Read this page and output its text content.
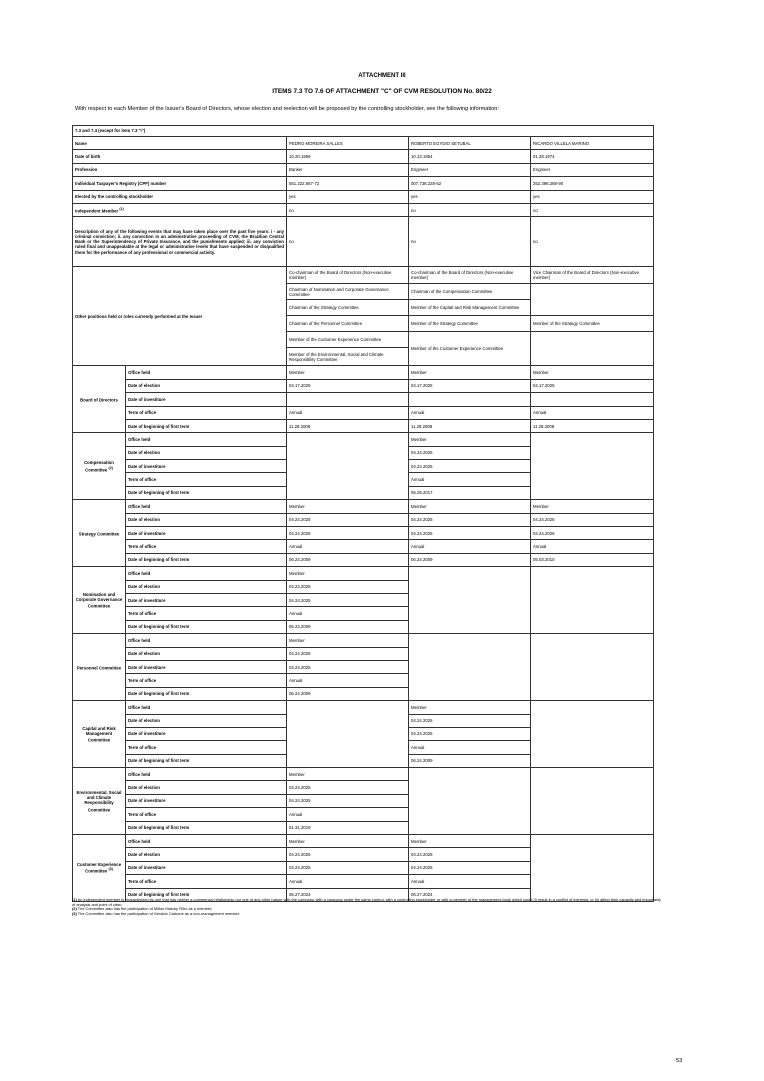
ATTACHMENT III
ITEMS 7.3 TO 7.6 OF ATTACHMENT "C" OF CVM RESOLUTION No. 80/22
With respect to each Member of the Issuer's Board of Directors, whose election and reelection will be proposed by the controlling stockholder, see the following information:
7.3 and 7.4 (except for item 7.3 "i")				
Name		PEDRO MOREIRA SALLES	ROBERTO EGYDIO SETUBAL	RICARDO VILLELA MARINO
Date of birth		10.20.1959	10.13.1954	01.28.1974
Profession		Banker	Engineer	Engineer
Individual Taxpayer's Registry (CPF) number		551.222.567-72	007.738.228-52	252.398.288-90
Elected by the controlling stockholder		yes	yes	yes
Independent Member $^{(1)}$		no	no	no
Description of any of the following events that may have taken place over the past five years: i - any criminal conviction; ii. any conviction in an administrative proceeding of CVM, the Brazilian Central Bank or the Superintendency of Private Insurance, and the punishments applied; iii. any conviction ruled final and unappealable at the legal or administrative levels that have suspended or disqualified them for the performance of any professional or commercial activity.		no	no	no
Other positions held or roles currently performed at the Issuer		Co-chairman of the Board of Directors (Non-executive member)	Co-chairman of the Board of Directors (Non-executive member)	Vice Chairman of the Board of Directors (Non-executive member)

		Chairman of Nomination and Corporate Governance Committee	Chairman of the Compensation Committee	

		Chairman of the Strategy Committee	Member of the Capital and Risk Management Committee	

		Chairman of the Personnel Committee	Member of the Strategy Committee	Member of the Strategy Committee

		Member of the Customer Experience Committee	Member of the Customer Experience Committee	

		Member of the Environmental, Social and Climate Responsibility Committee		

Board of Directors	Office held	Member	Member	Member
	Date of election	04.17.2025	04.17.2025	04.17.2025
	Date of investiture			
	Term of office	Annual	Annual	Annual
	Date of beginning of first term	11.28.2008	11.28.2008	11.28.2008
Compensation Committee $^{(2)}$	Office held		Member	
	Date of election		04.24.2025	
	Date of investiture		04.24.2025	
	Term of office		Annual	
	Date of beginning of first term		05.25.2017	
Strategy Committee	Office held	Member	Member	Member
	Date of election	04.24.2025	04.24.2025	04.24.2025
	Date of investiture	04.24.2025	04.24.2025	04.24.2025
	Term of office	Annual	Annual	Annual
	Date of beginning of first term	06.24.2009	06.24.2009	05.03.2010
Nomination and Corporate Governance Committee	Office held	Member		
	Date of election	04.24.2025		
	Date of investiture	04.24.2025		
	Term of office	Annual		
	Date of beginning of first term	06.24.2009		
Personnel Committee	Office held	Member		
	Date of election	04.24.2025		
	Date of investiture	04.24.2025		
	Term of office	Annual		
	Date of beginning of first term	06.24.2009		
Capital and Risk Management Committee	Office held		Member	
	Date of election		04.24.2025	
	Date of investiture		04.24.2025	
	Term of office		Annual	
	Date of beginning of first term		06.24.2009	
Environmental, Social and Climate Responsibility Committee	Office held	Member		
	Date of election	04.24.2025		
	Date of investiture	04.24.2025		
	Term of office	Annual		
	Date of beginning of first term	01.31.2019		
Customer Experience Committee $^{(3)}$	Office held	Member	Member	
	Date of election	04.24.2025	04.24.2025	
	Date of investiture	04.24.2025	04.24.2025	
	Term of office	Annual	Annual	
	Date of beginning of first term	06.27.2024	06.27.2024	
(1) An independent member is characterized by one that has neither a commercial relationship nor one of any other nature with the company, with a company under the same control, with a controlling stockholder or with a member of the management body which could (i) result in a conflict of interests; or (ii) affect their capacity and impartiality of analysis and point of view;
(2) The Committee also has the participation of Milton Maluhy Filho as a member;
(3) The Committee also has the participation of Geraldo Carbone as a non-management member.
53
